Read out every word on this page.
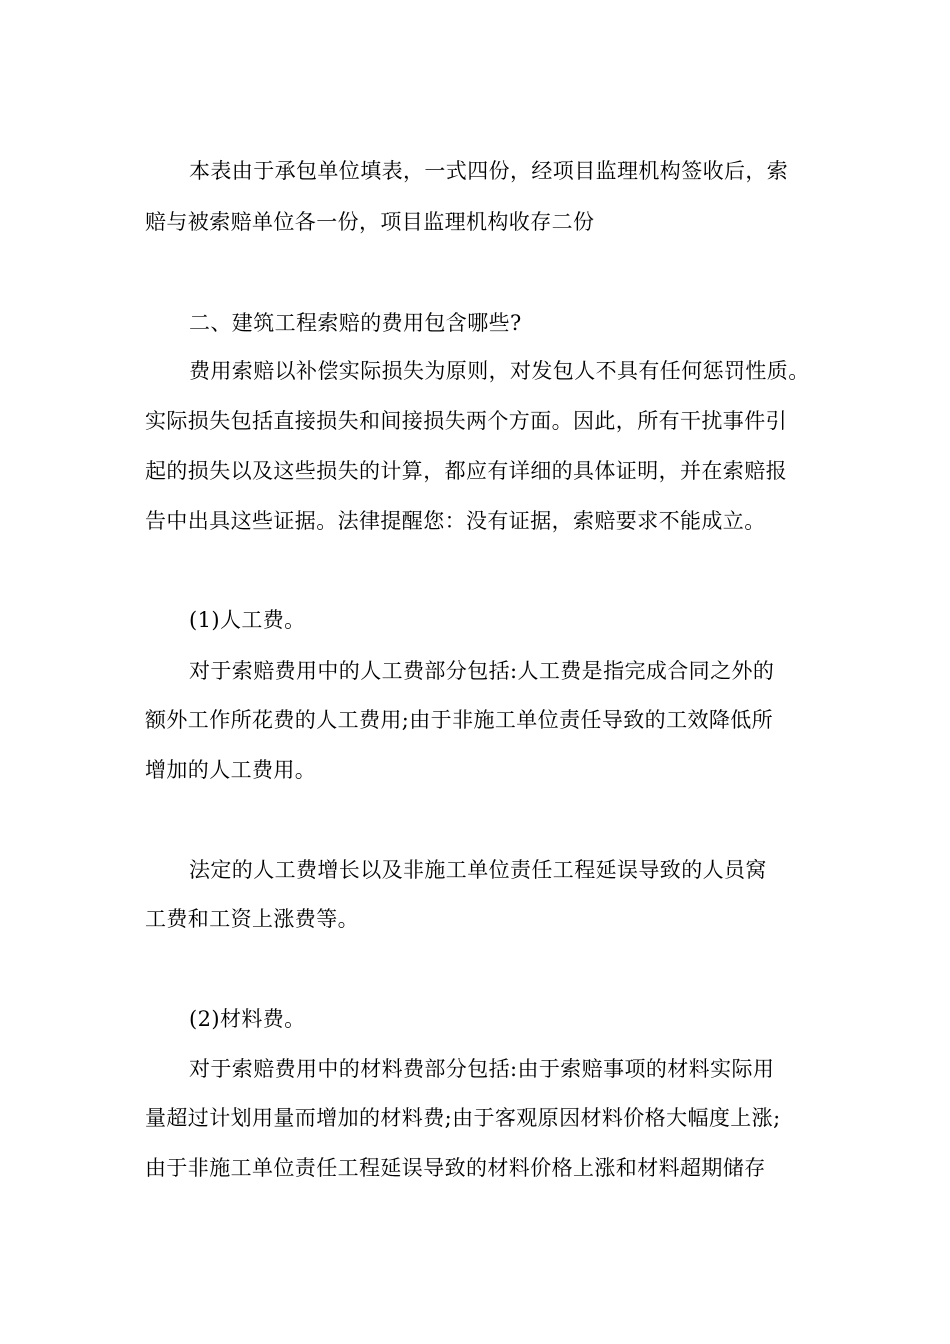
本表由于承包单位填表，一式四份，经项目监理机构签收后，索
赔与被索赔单位各一份，项目监理机构收存二份
二、建筑工程索赔的费用包含哪些?
费用索赔以补偿实际损失为原则，对发包人不具有任何惩罚性质。
实际损失包括直接损失和间接损失两个方面。因此，所有干扰事件引
起的损失以及这些损失的计算，都应有详细的具体证明，并在索赔报
告中出具这些证据。法律提醒您：没有证据，索赔要求不能成立。
(1)人工费。
对于索赔费用中的人工费部分包括:人工费是指完成合同之外的
额外工作所花费的人工费用;由于非施工单位责任导致的工效降低所
增加的人工费用。
法定的人工费增长以及非施工单位责任工程延误导致的人员窝
工费和工资上涨费等。
(2)材料费。
对于索赔费用中的材料费部分包括:由于索赔事项的材料实际用
量超过计划用量而增加的材料费;由于客观原因材料价格大幅度上涨;
由于非施工单位责任工程延误导致的材料价格上涨和材料超期储存
